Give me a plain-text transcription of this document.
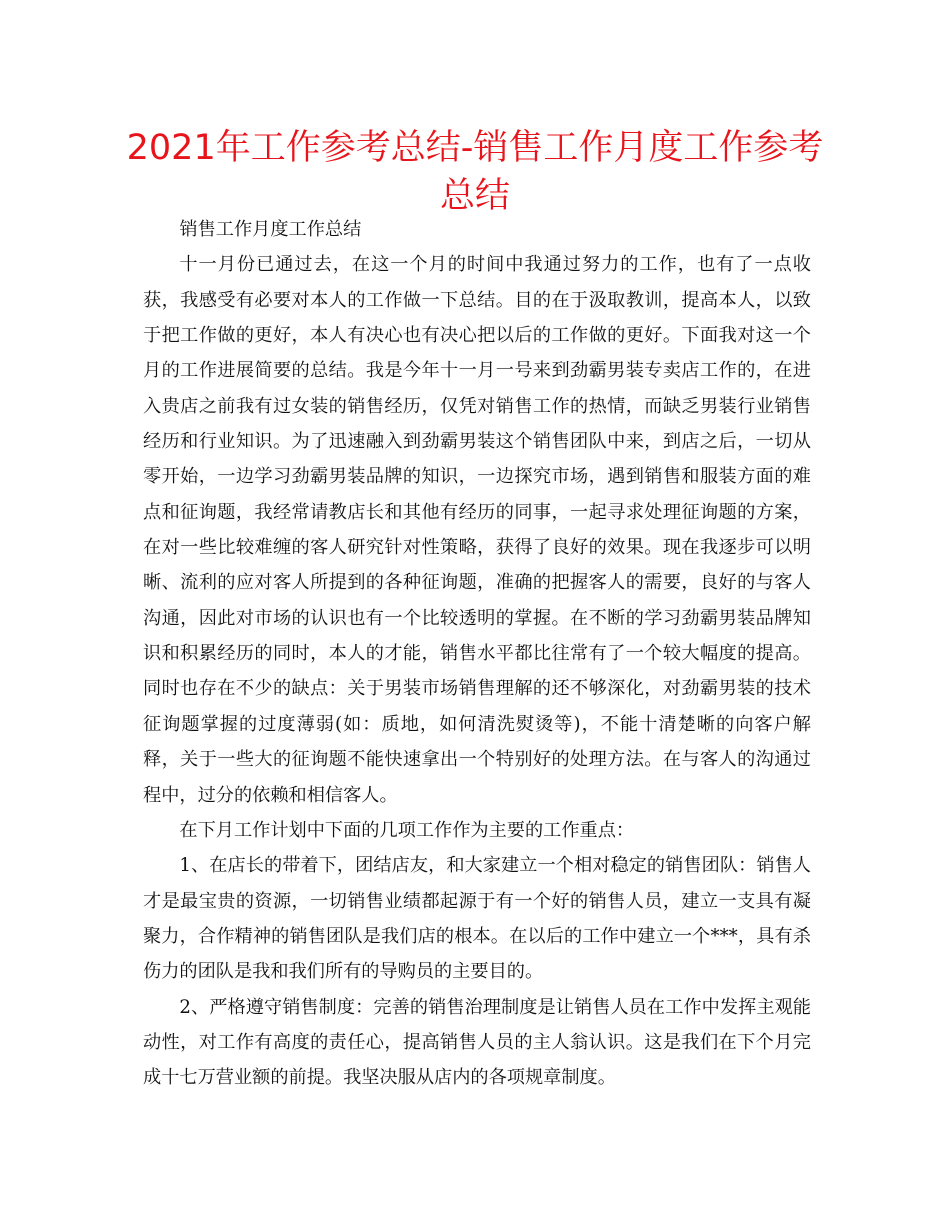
2021年工作参考总结-销售工作月度工作参考总结

销售工作月度工作总结

十一月份已通过去，在这一个月的时间中我通过努力的工作，也有了一点收获，我感受有必要对本人的工作做一下总结。目的在于汲取教训，提高本人，以致于把工作做的更好，本人有决心也有决心把以后的工作做的更好。下面我对这一个月的工作进展简要的总结。我是今年十一月一号来到劲霸男装专卖店工作的，在进入贵店之前我有过女装的销售经历，仅凭对销售工作的热情，而缺乏男装行业销售经历和行业知识。为了迅速融入到劲霸男装这个销售团队中来，到店之后，一切从零开始，一边学习劲霸男装品牌的知识，一边探究市场，遇到销售和服装方面的难点和征询题，我经常请教店长和其他有经历的同事，一起寻求处理征询题的方案，在对一些比较难缠的客人研究针对性策略，获得了良好的效果。现在我逐步可以明晰、流利的应对客人所提到的各种征询题，准确的把握客人的需要，良好的与客人沟通，因此对市场的认识也有一个比较透明的掌握。在不断的学习劲霸男装品牌知识和积累经历的同时，本人的才能，销售水平都比往常有了一个较大幅度的提高。同时也存在不少的缺点：关于男装市场销售理解的还不够深化，对劲霸男装的技术征询题掌握的过度薄弱(如：质地，如何清洗熨烫等)，不能十清楚晰的向客户解释，关于一些大的征询题不能快速拿出一个特别好的处理方法。在与客人的沟通过程中，过分的依赖和相信客人。

在下月工作计划中下面的几项工作作为主要的工作重点：

1、在店长的带着下，团结店友，和大家建立一个相对稳定的销售团队：销售人才是最宝贵的资源，一切销售业绩都起源于有一个好的销售人员，建立一支具有凝聚力，合作精神的销售团队是我们店的根本。在以后的工作中建立一个***，具有杀伤力的团队是我和我们所有的导购员的主要目的。

2、严格遵守销售制度：完善的销售治理制度是让销售人员在工作中发挥主观能动性，对工作有高度的责任心，提高销售人员的主人翁认识。这是我们在下个月完成十七万营业额的前提。我坚决服从店内的各项规章制度。
